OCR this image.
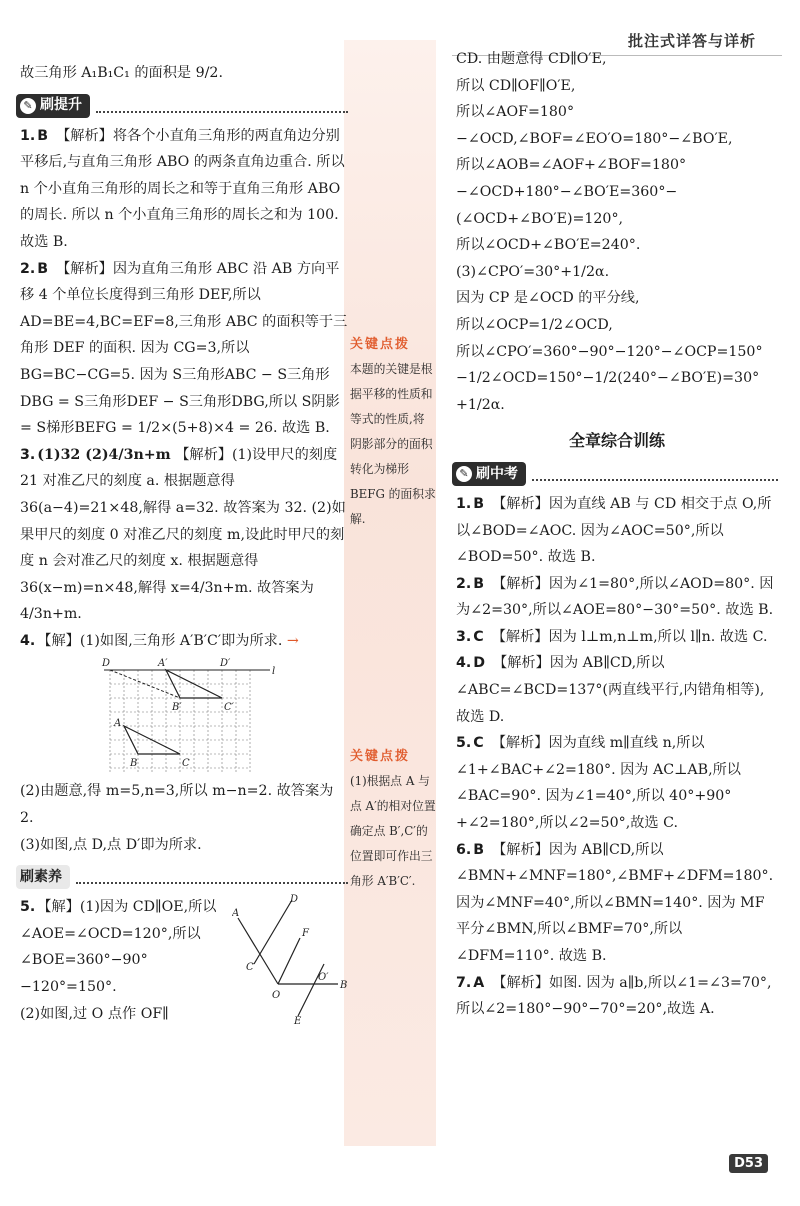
批注式详答与详析
关键点拨
本题的关键是根据平移的性质和等式的性质,将阴影部分的面积转化为梯形 BEFG 的面积求解.
关键点拨
(1)根据点 A 与点 A′的相对位置确定点 B′,C′的位置即可作出三角形 A′B′C′.

故三角形 A₁B₁C₁ 的面积是 9/2.

✎ 刷提升

1. B 【解析】将各个小直角三角形的两直角边分别平移后,与直角三角形 ABO 的两条直角边重合. 所以 n 个小直角三角形的周长之和等于直角三角形 ABO 的周长. 所以 n 个小直角三角形的周长之和为 100. 故选 B.

2. B 【解析】因为直角三角形 ABC 沿 AB 方向平移 4 个单位长度得到三角形 DEF,所以 AD=BE=4,BC=EF=8,三角形 ABC 的面积等于三角形 DEF 的面积. 因为 CG=3,所以 BG=BC−CG=5. 因为 S三角形ABC − S三角形DBG = S三角形DEF − S三角形DBG,所以 S阴影 = S梯形BEFG = 1/2×(5+8)×4 = 26. 故选 B.

3. (1)32 (2)4/3n+m 【解析】(1)设甲尺的刻度 21 对准乙尺的刻度 a. 根据题意得 36(a−4)=21×48,解得 a=32. 故答案为 32. (2)如果甲尺的刻度 0 对准乙尺的刻度 m,设此时甲尺的刻度 n 会对准乙尺的刻度 x. 根据题意得 36(x−m)=n×48,解得 x=4/3n+m. 故答案为 4/3n+m.

4. 【解】(1)如图,三角形 A′B′C′即为所求. →

D	A′	D′
l
B′	C′
A
B	C

(2)由题意,得 m=5,n=3,所以 m−n=2. 故答案为 2.

(3)如图,点 D,点 D′即为所求.

刷素养

5. 【解】(1)因为 CD∥OE,所以∠AOE=∠OCD=120°,所以∠BOE=360°−90°−120°=150°.
(2)如图,过 O 点作 OF∥

D
A
F
C
O
O′
B
E

CD. 由题意得 CD∥O′E,

所以 CD∥OF∥O′E,

所以∠AOF=180°−∠OCD,∠BOF=∠EO′O=180°−∠BO′E,

所以∠AOB=∠AOF+∠BOF=180°−∠OCD+180°−∠BO′E=360°−(∠OCD+∠BO′E)=120°,

所以∠OCD+∠BO′E=240°.

(3)∠CPO′=30°+1/2α.

因为 CP 是∠OCD 的平分线,

所以∠OCP=1/2∠OCD,

所以∠CPO′=360°−90°−120°−∠OCP=150°−1/2∠OCD=150°−1/2(240°−∠BO′E)=30°+1/2α.

全章综合训练
✎ 刷中考

1. B 【解析】因为直线 AB 与 CD 相交于点 O,所以∠BOD=∠AOC. 因为∠AOC=50°,所以∠BOD=50°. 故选 B.

2. B 【解析】因为∠1=80°,所以∠AOD=80°. 因为∠2=30°,所以∠AOE=80°−30°=50°. 故选 B.

3. C 【解析】因为 l⊥m,n⊥m,所以 l∥n. 故选 C.

4. D 【解析】因为 AB∥CD,所以∠ABC=∠BCD=137°(两直线平行,内错角相等),故选 D.

5. C 【解析】因为直线 m∥直线 n,所以∠1+∠BAC+∠2=180°. 因为 AC⊥AB,所以∠BAC=90°. 因为∠1=40°,所以 40°+90°+∠2=180°,所以∠2=50°,故选 C.

6. B 【解析】因为 AB∥CD,所以∠BMN+∠MNF=180°,∠BMF+∠DFM=180°. 因为∠MNF=40°,所以∠BMN=140°. 因为 MF 平分∠BMN,所以∠BMF=70°,所以∠DFM=110°. 故选 B.

7. A 【解析】如图. 因为 a∥b,所以∠1=∠3=70°,所以∠2=180°−90°−70°=20°,故选 A.

D53
